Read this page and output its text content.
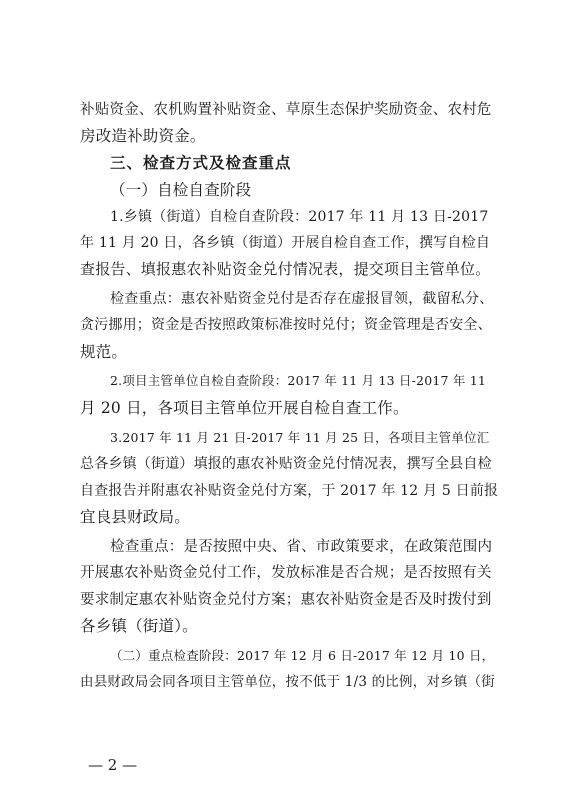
补贴资金、农机购置补贴资金、草原生态保护奖励资金、农村危
房改造补助资金。
三、检查方式及检查重点
（一）自检自查阶段
1.乡镇（街道）自检自查阶段：2017 年 11 月 13 日-2017
年 11 月 20 日，各乡镇（街道）开展自检自查工作，撰写自检自
查报告、填报惠农补贴资金兑付情况表，提交项目主管单位。
检查重点：惠农补贴资金兑付是否存在虚报冒领，截留私分、
贪污挪用；资金是否按照政策标准按时兑付；资金管理是否安全、
规范。
2.项目主管单位自检自查阶段：2017 年 11 月 13 日-2017 年 11
月 20 日，各项目主管单位开展自检自查工作。
3.2017 年 11 月 21 日-2017 年 11 月 25 日，各项目主管单位汇
总各乡镇（街道）填报的惠农补贴资金兑付情况表，撰写全县自检
自查报告并附惠农补贴资金兑付方案，于 2017 年 12 月 5 日前报
宜良县财政局。
检查重点：是否按照中央、省、市政策要求，在政策范围内
开展惠农补贴资金兑付工作，发放标准是否合规；是否按照有关
要求制定惠农补贴资金兑付方案；惠农补贴资金是否及时拨付到
各乡镇（街道）。
（二）重点检查阶段：2017 年 12 月 6 日-2017 年 12 月 10 日，
由县财政局会同各项目主管单位，按不低于 1/3 的比例，对乡镇（街
— 2 —
